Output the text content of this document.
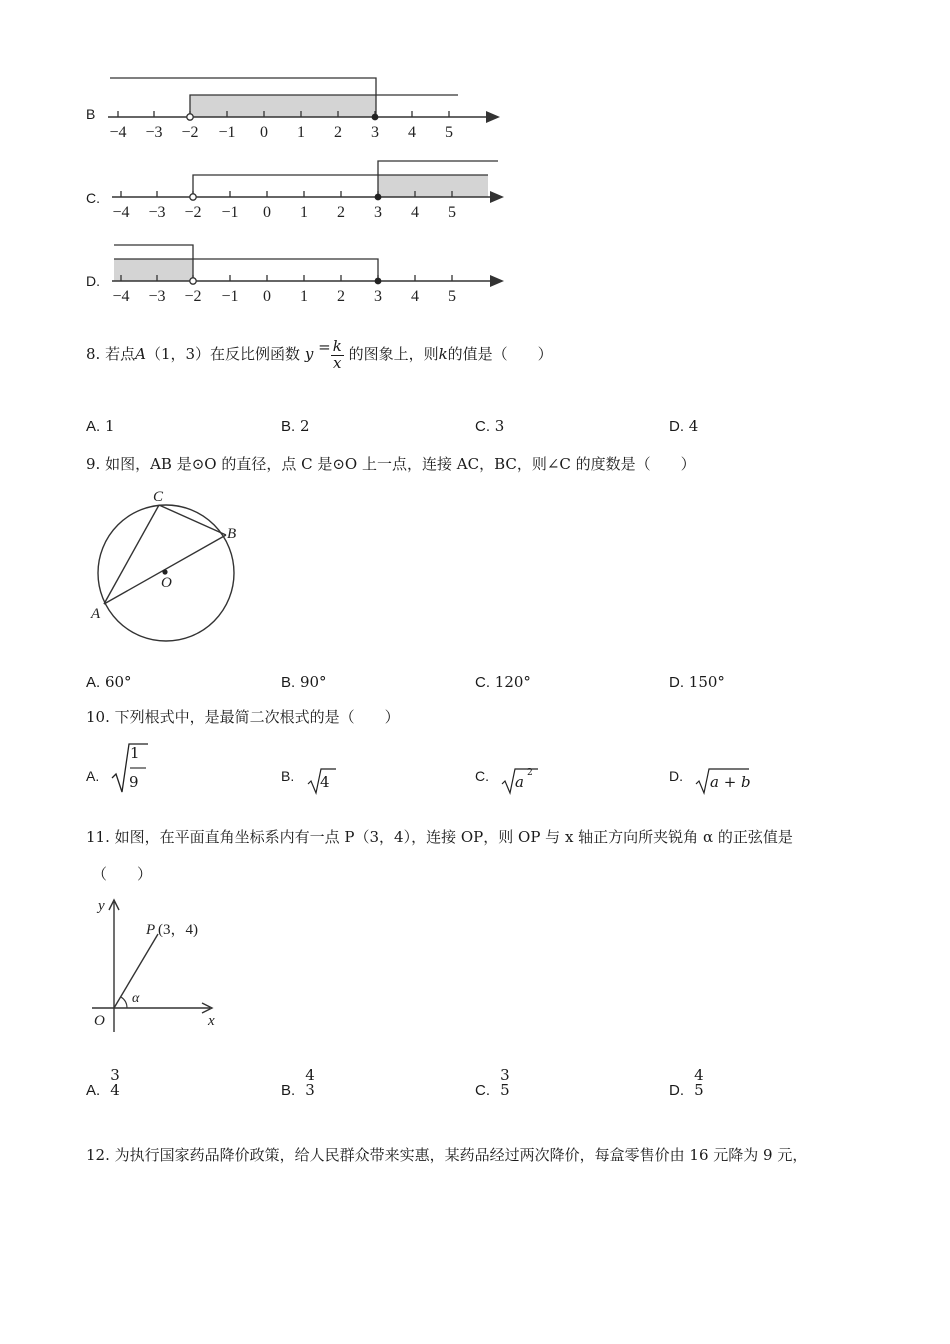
B
−4 −3 −2 −1 0 1 2 3 4 5
C.
−4 −3 −2 −1 0 1 2 3 4 5
D.
−4 −3 −2 −1 0 1 2 3 4 5
8. 若点A（1，3）在反比例函数 $y = \frac{k}{x}$ 的图象上，则k的值是（　　）
A. 1	B. 2	C. 3	D. 4
9. 如图，AB 是⊙O 的直径，点 C 是⊙O 上一点，连接 AC，BC，则∠C 的度数是（　　）
C
B
O
A
A. 60°	B. 90°	C. 120°	D. 150°
10. 下列根式中，是最简二次根式的是（　　）
A.
1
9	B. 4	C. a 2	D. a + b
11. 如图，在平面直角坐标系内有一点 P（3，4），连接 OP，则 OP 与 x 轴正方向所夹锐角 α 的正弦值是
（　　）
y
P (3，4)
α
O	x
A.
3
4	B.
4
3	C.
3
5	D.
4
5
12. 为执行国家药品降价政策，给人民群众带来实惠，某药品经过两次降价，每盒零售价由 16 元降为 9 元，
